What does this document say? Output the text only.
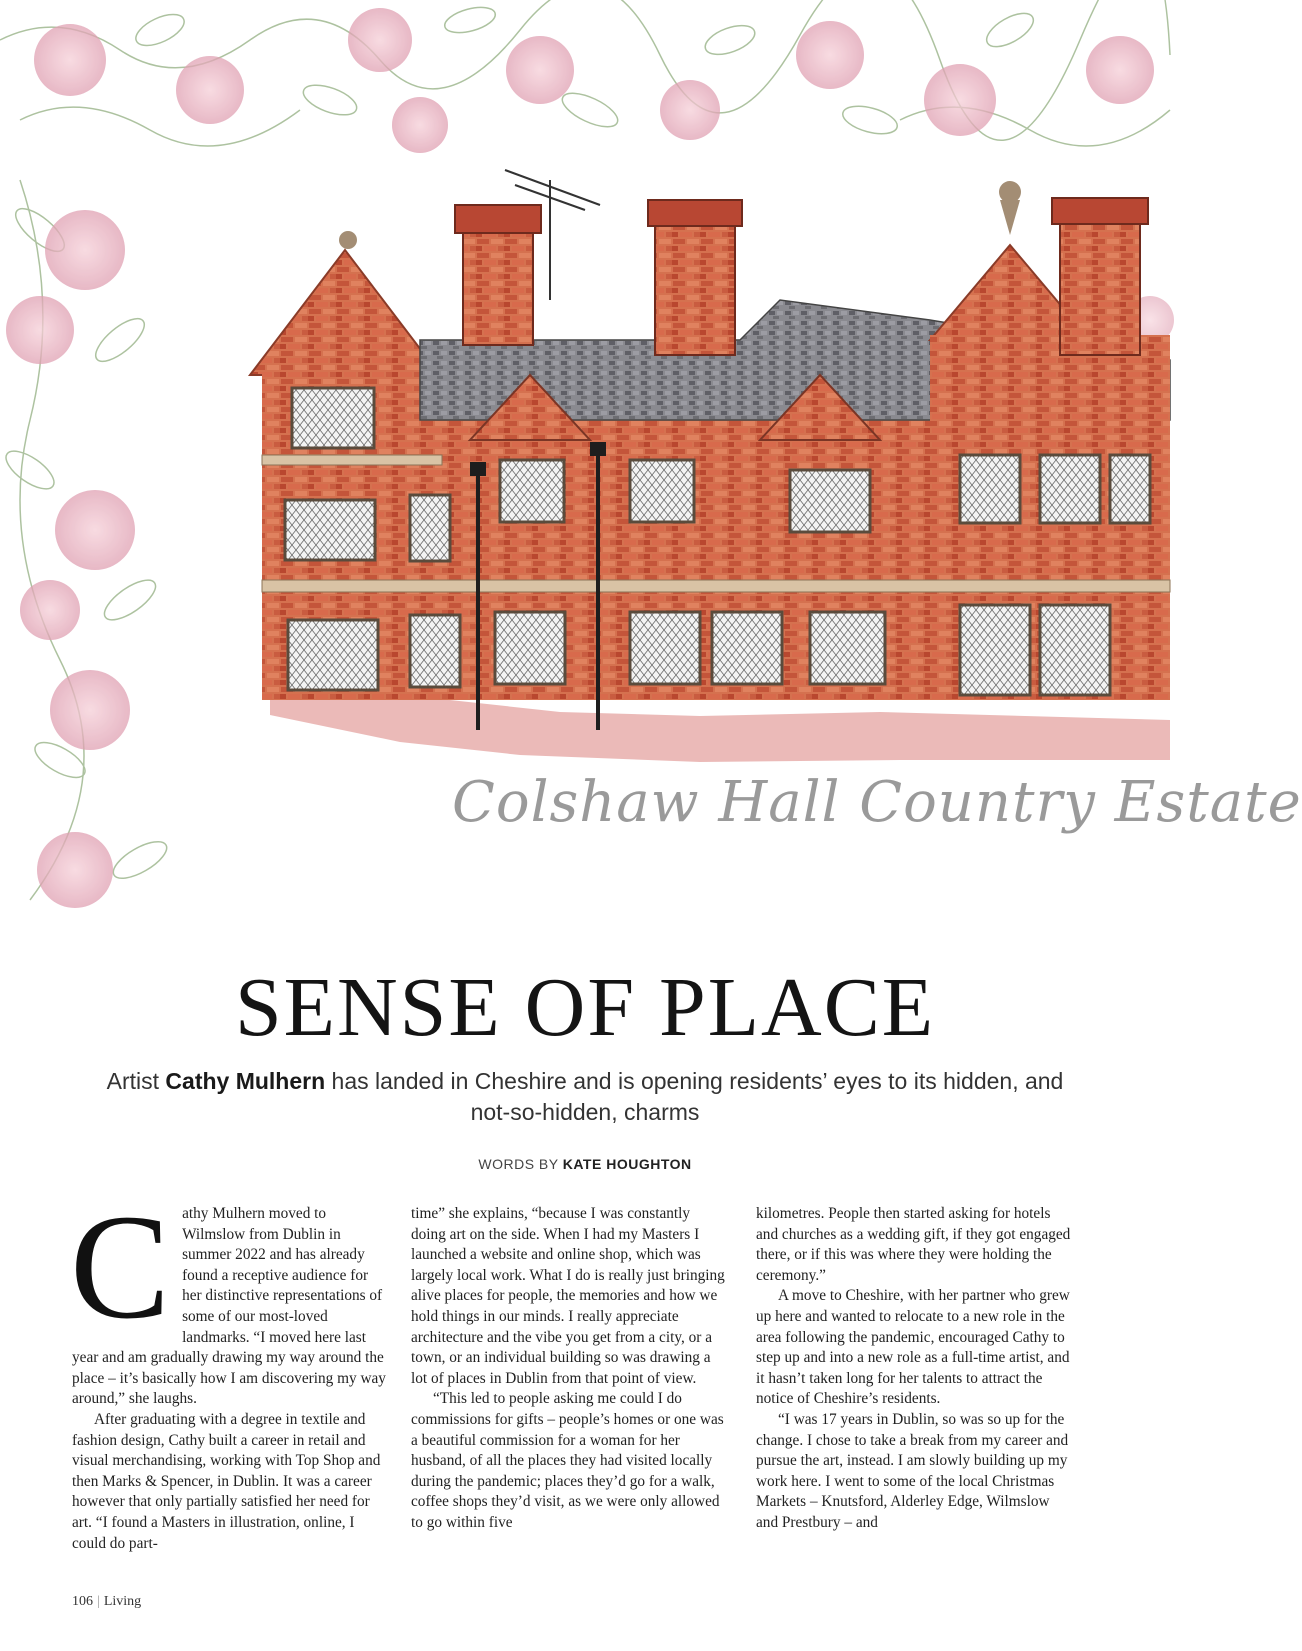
Colshaw Hall Country Estate
SENSE OF PLACE
Artist Cathy Mulhern has landed in Cheshire and is opening residents’ eyes to its hidden, and not-so-hidden, charms
WORDS BY KATE HOUGHTON
C athy Mulhern moved to Wilmslow from Dublin in summer 2022 and has already found a receptive audience for her distinctive representations of some of our most-loved landmarks. “I moved here last year and am gradually drawing my way around the place – it’s basically how I am discovering my way around,” she laughs.

After graduating with a degree in textile and fashion design, Cathy built a career in retail and visual merchandising, working with Top Shop and then Marks & Spencer, in Dublin. It was a career however that only partially satisfied her need for art. “I found a Masters in illustration, online, I could do part-

time” she explains, “because I was constantly doing art on the side. When I had my Masters I launched a website and online shop, which was largely local work. What I do is really just bringing alive places for people, the memories and how we hold things in our minds. I really appreciate architecture and the vibe you get from a city, or a town, or an individual building so was drawing a lot of places in Dublin from that point of view.

“This led to people asking me could I do commissions for gifts – people’s homes or one was a beautiful commission for a woman for her husband, of all the places they had visited locally during the pandemic; places they’d go for a walk, coffee shops they’d visit, as we were only allowed to go within five

kilometres. People then started asking for hotels and churches as a wedding gift, if they got engaged there, or if this was where they were holding the ceremony.”

A move to Cheshire, with her partner who grew up here and wanted to relocate to a new role in the area following the pandemic, encouraged Cathy to step up and into a new role as a full-time artist, and it hasn’t taken long for her talents to attract the notice of Cheshire’s residents.

“I was 17 years in Dublin, so was so up for the change. I chose to take a break from my career and pursue the art, instead. I am slowly building up my work here. I went to some of the local Christmas Markets – Knutsford, Alderley Edge, Wilmslow and Prestbury – and

106 | Living
